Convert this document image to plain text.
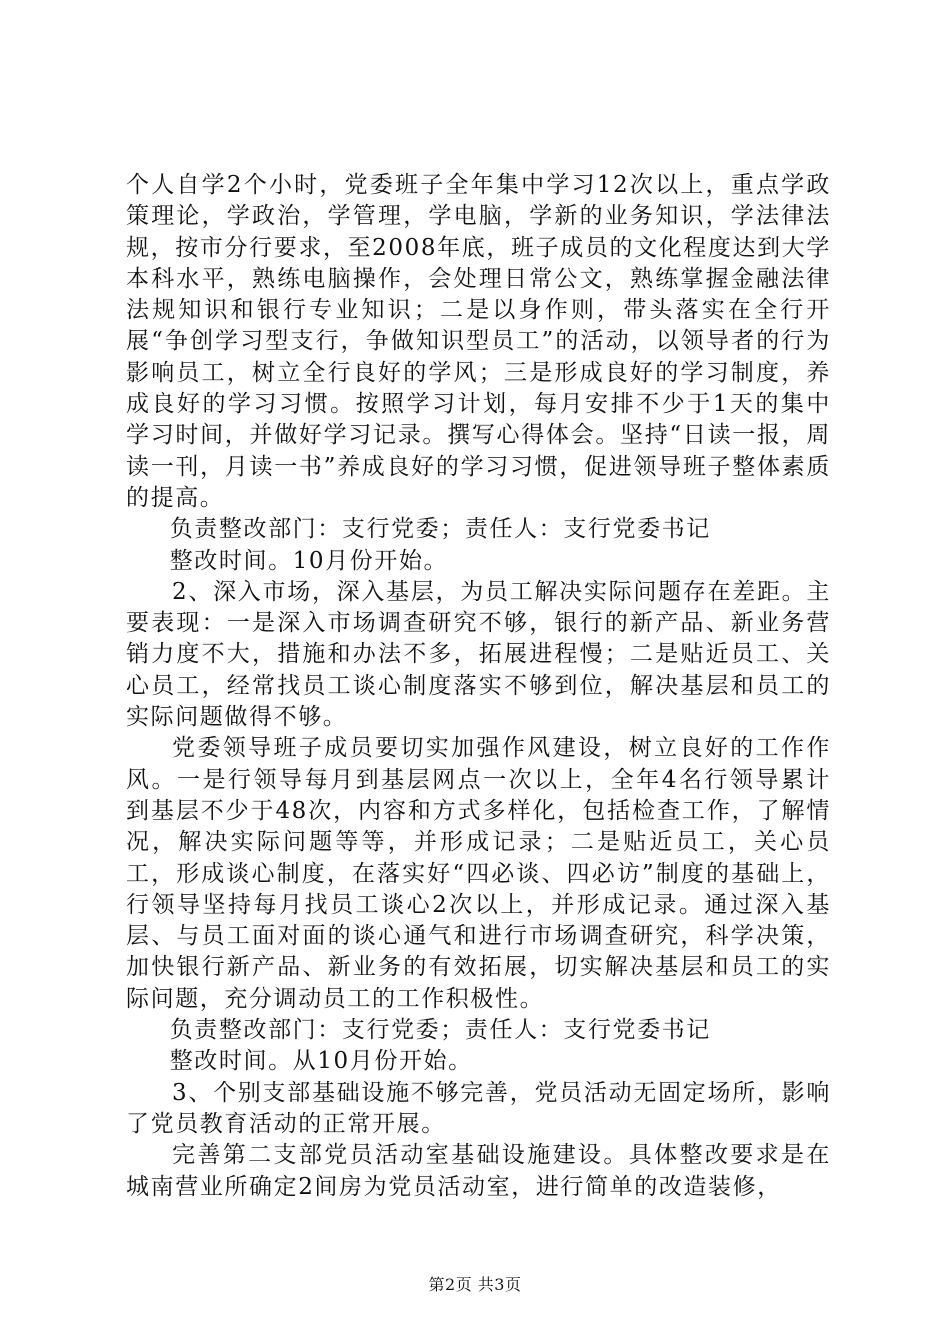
个人自学2个小时，党委班子全年集中学习12次以上，重点学政策理论，学政治，学管理，学电脑，学新的业务知识，学法律法规，按市分行要求，至2008年底，班子成员的文化程度达到大学本科水平，熟练电脑操作，会处理日常公文，熟练掌握金融法律法规知识和银行专业知识；二是以身作则，带头落实在全行开展“争创学习型支行，争做知识型员工”的活动，以领导者的行为影响员工，树立全行良好的学风；三是形成良好的学习制度，养成良好的学习习惯。按照学习计划，每月安排不少于1天的集中学习时间，并做好学习记录。撰写心得体会。坚持“日读一报，周读一刊，月读一书”养成良好的学习习惯，促进领导班子整体素质的提高。

负责整改部门：支行党委；责任人：支行党委书记

整改时间。10月份开始。

2、深入市场，深入基层，为员工解决实际问题存在差距。主要表现：一是深入市场调查研究不够，银行的新产品、新业务营销力度不大，措施和办法不多，拓展进程慢；二是贴近员工、关心员工，经常找员工谈心制度落实不够到位，解决基层和员工的实际问题做得不够。

党委领导班子成员要切实加强作风建设，树立良好的工作作风。一是行领导每月到基层网点一次以上，全年4名行领导累计到基层不少于48次，内容和方式多样化，包括检查工作，了解情况，解决实际问题等等，并形成记录；二是贴近员工，关心员工，形成谈心制度，在落实好“四必谈、四必访”制度的基础上，行领导坚持每月找员工谈心2次以上，并形成记录。通过深入基层、与员工面对面的谈心通气和进行市场调查研究，科学决策，加快银行新产品、新业务的有效拓展，切实解决基层和员工的实际问题，充分调动员工的工作积极性。

负责整改部门：支行党委；责任人：支行党委书记

整改时间。从10月份开始。

3、个别支部基础设施不够完善，党员活动无固定场所，影响了党员教育活动的正常开展。

完善第二支部党员活动室基础设施建设。具体整改要求是在城南营业所确定2间房为党员活动室，进行简单的改造装修，

第2页 共3页
